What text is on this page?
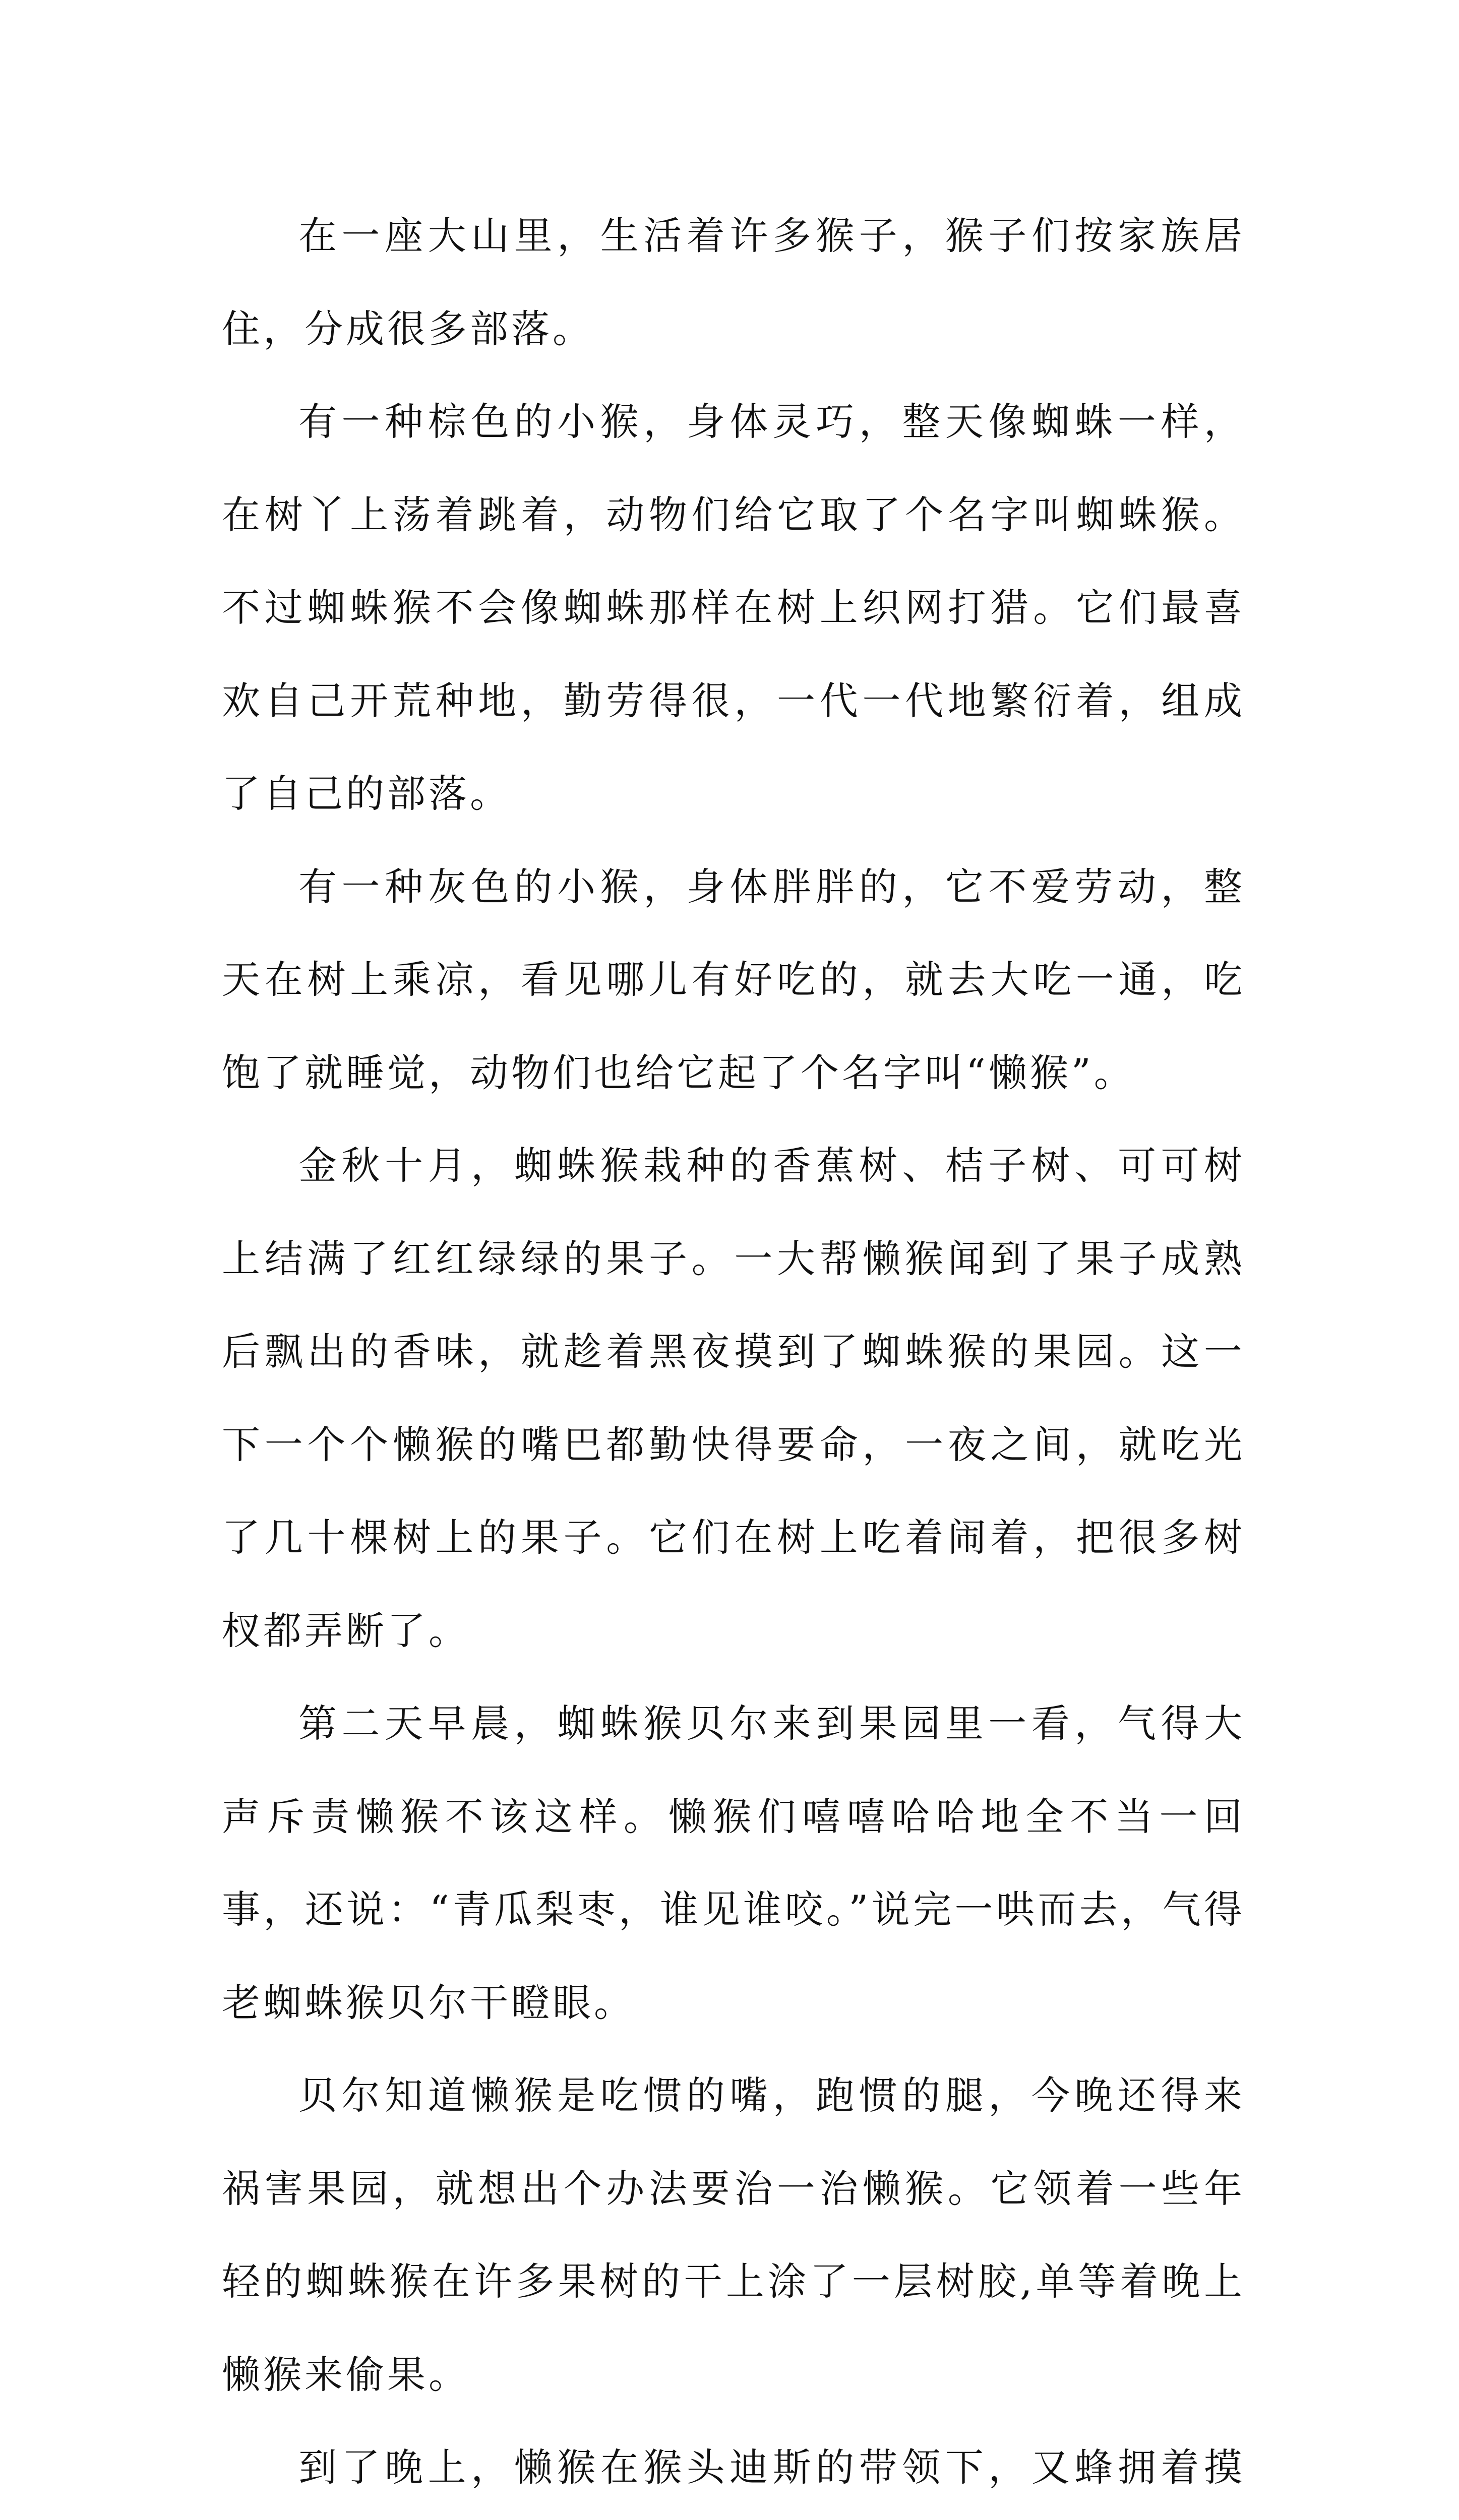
在一座大山里，生活着许多猴子，猴子们按家族居住，分成很多部落。

有一种棕色的小猴，身体灵巧，整天像蜘蛛一样，在树丫上荡着跳着，动物们给它取了个名字叫蜘蛛猴。不过蜘蛛猴不会像蜘蛛那样在树上织网打猎。它们最喜欢自己开荒种地，勤劳得很，一代一代地繁衍着，组成了自己的部落。

有一种灰色的小猴，身体胖胖的，它不爱劳动，整天在树上乘凉，看见哪儿有好吃的，就去大吃一通，吃饱了就睡觉，动物们也给它起了个名字叫“懒猴”。

金秋十月，蜘蛛猴栽种的香蕉树、桔子树、可可树上结满了红红绿绿的果子。一大帮懒猴闻到了果子成熟后飘出的香味，就趁着黑夜摸到了蜘蛛猴的果园。这一下一个个懒猴的嘴巴都勤快得要命，一夜之间，就吃光了几十棵树上的果子。它们在树上吃着闹着，把很多树杈都弄断了。

第二天早晨，蜘蛛猴贝尔来到果园里一看，气得大声斥责懒猴不该这样。懒猴们嘻嘻哈哈地全不当一回事，还说：“青瓜梨枣，谁见谁咬。”说完一哄而去，气得老蜘蛛猴贝尔干瞪眼。

贝尔知道懒猴是吃惯的嘴，跑惯的腿，今晚还得来祸害果园，就想出个办法要治一治懒猴。它领着一些年轻的蜘蛛猴在许多果树的干上涂了一层树胶,单等着晚上懒猴来偷果。

到了晚上，懒猴在猴头迪斯的带领下，又蜂拥着摸
